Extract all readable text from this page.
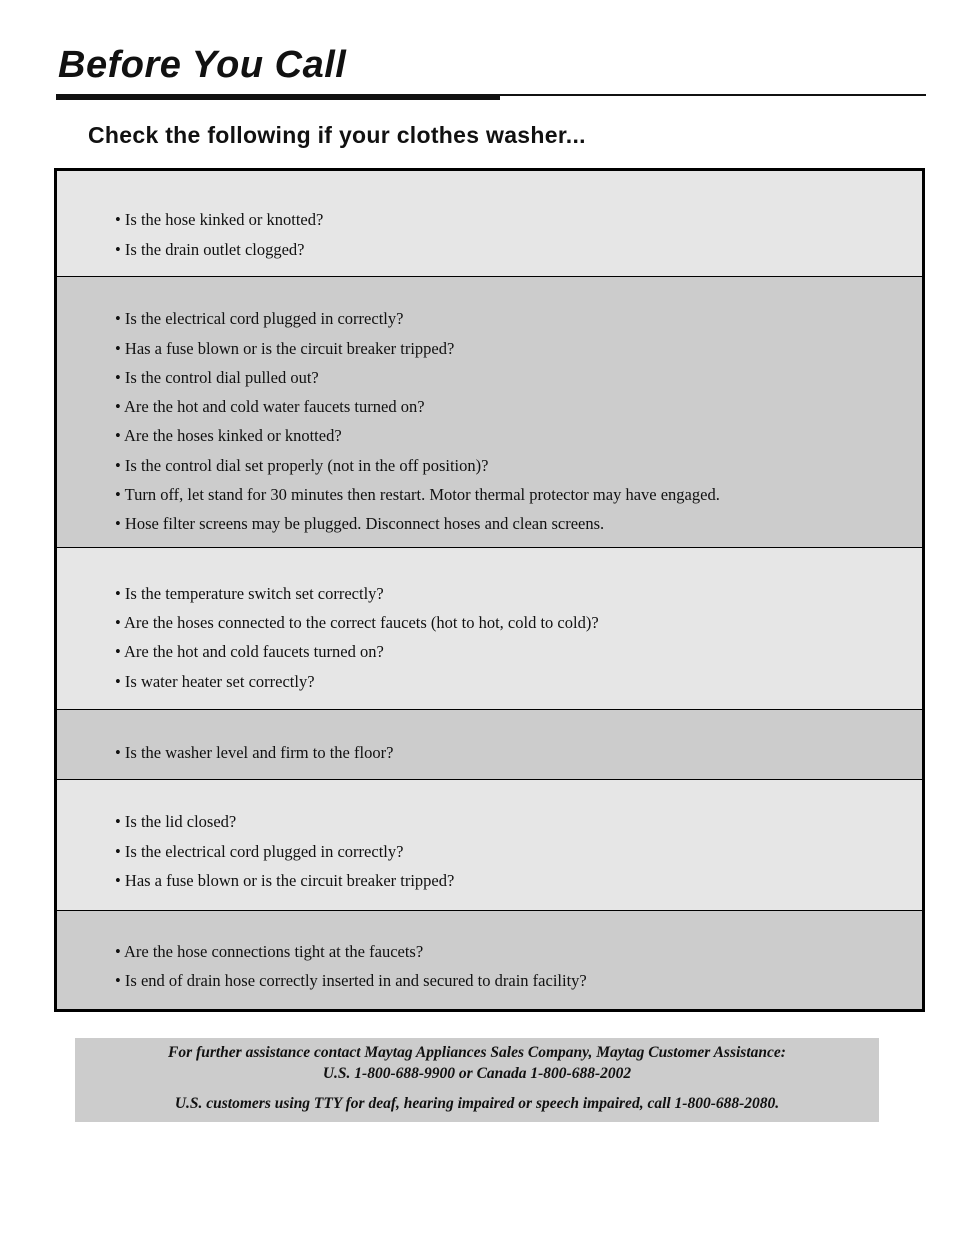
Before You Call
Check the following if your clothes washer...
• Is the hose kinked or knotted?
• Is the drain outlet clogged?
• Is the electrical cord plugged in correctly?
• Has a fuse blown or is the circuit breaker tripped?
• Is the control dial pulled out?
• Are the hot and cold water faucets turned on?
• Are the hoses kinked or knotted?
• Is the control dial set properly (not in the off position)?
• Turn off, let stand for 30 minutes then restart. Motor thermal protector may have engaged.
• Hose filter screens may be plugged. Disconnect hoses and clean screens.
• Is the temperature switch set correctly?
• Are the hoses connected to the correct faucets (hot to hot, cold to cold)?
• Are the hot and cold faucets turned on?
• Is water heater set correctly?
• Is the washer level and firm to the floor?
• Is the lid closed?
• Is the electrical cord plugged in correctly?
• Has a fuse blown or is the circuit breaker tripped?
• Are the hose connections tight at the faucets?
• Is end of drain hose correctly inserted in and secured to drain facility?

For further assistance contact Maytag Appliances Sales Company, Maytag Customer Assistance:

U.S. 1-800-688-9900 or Canada 1-800-688-2002

U.S. customers using TTY for deaf, hearing impaired or speech impaired, call 1-800-688-2080.
